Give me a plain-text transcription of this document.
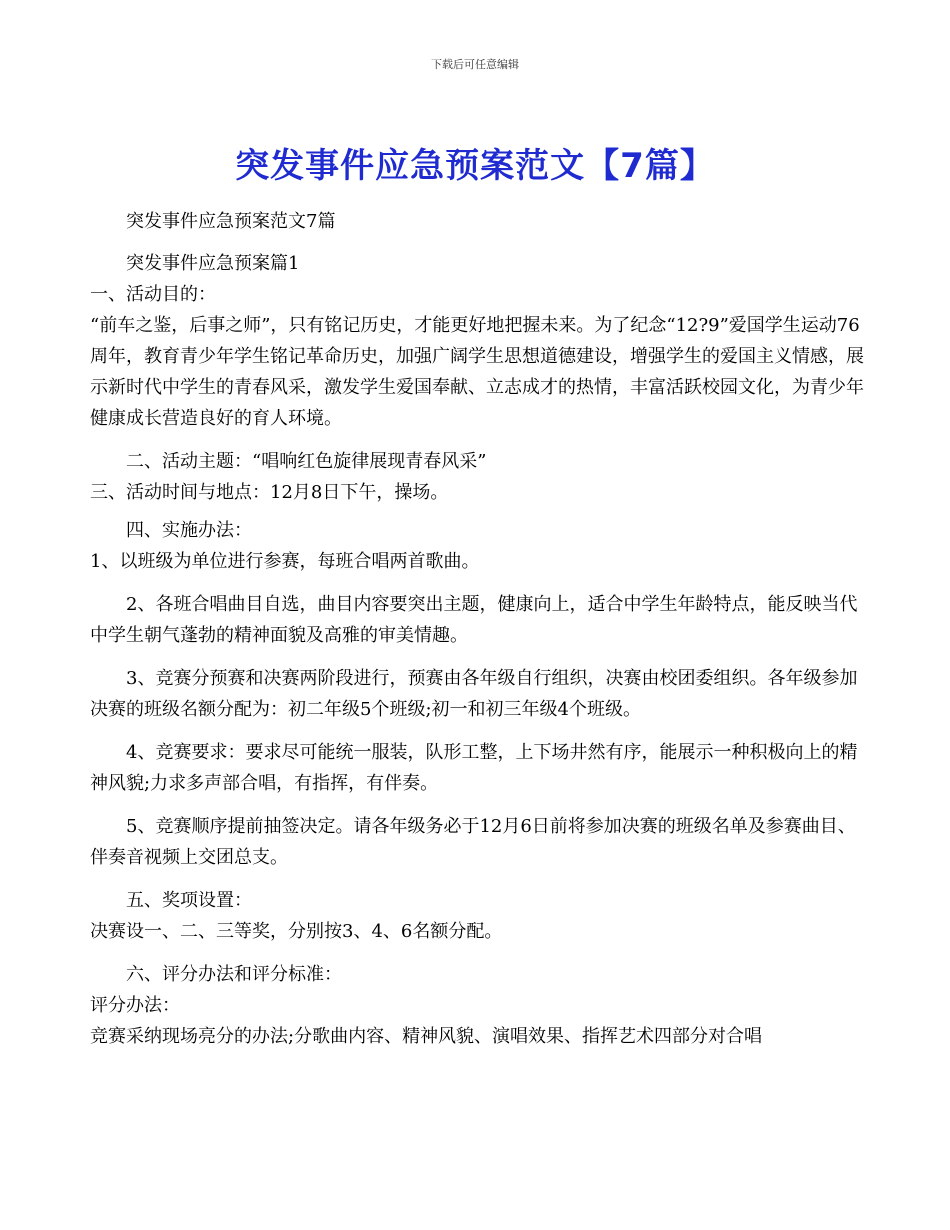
下载后可任意编辑
突发事件应急预案范文【7篇】

突发事件应急预案范文7篇

突发事件应急预案篇1

一、活动目的：

“前车之鉴，后事之师”，只有铭记历史，才能更好地把握未来。为了纪念“12?9”爱国学生运动76周年，教育青少年学生铭记革命历史，加强广阔学生思想道德建设，增强学生的爱国主义情感，展示新时代中学生的青春风采，激发学生爱国奉献、立志成才的热情，丰富活跃校园文化，为青少年健康成长营造良好的育人环境。

二、活动主题：“唱响红色旋律展现青春风采”

三、活动时间与地点：12月8日下午，操场。

四、实施办法：

1、以班级为单位进行参赛，每班合唱两首歌曲。

2、各班合唱曲目自选，曲目内容要突出主题，健康向上，适合中学生年龄特点，能反映当代中学生朝气蓬勃的精神面貌及高雅的审美情趣。

3、竞赛分预赛和决赛两阶段进行，预赛由各年级自行组织，决赛由校团委组织。各年级参加决赛的班级名额分配为：初二年级5个班级;初一和初三年级4个班级。

4、竞赛要求：要求尽可能统一服装，队形工整，上下场井然有序，能展示一种积极向上的精神风貌;力求多声部合唱，有指挥，有伴奏。

5、竞赛顺序提前抽签决定。请各年级务必于12月6日前将参加决赛的班级名单及参赛曲目、伴奏音视频上交团总支。

五、奖项设置：

决赛设一、二、三等奖，分别按3、4、6名额分配。

六、评分办法和评分标准：

评分办法：

竞赛采纳现场亮分的办法;分歌曲内容、精神风貌、演唱效果、指挥艺术四部分对合唱
